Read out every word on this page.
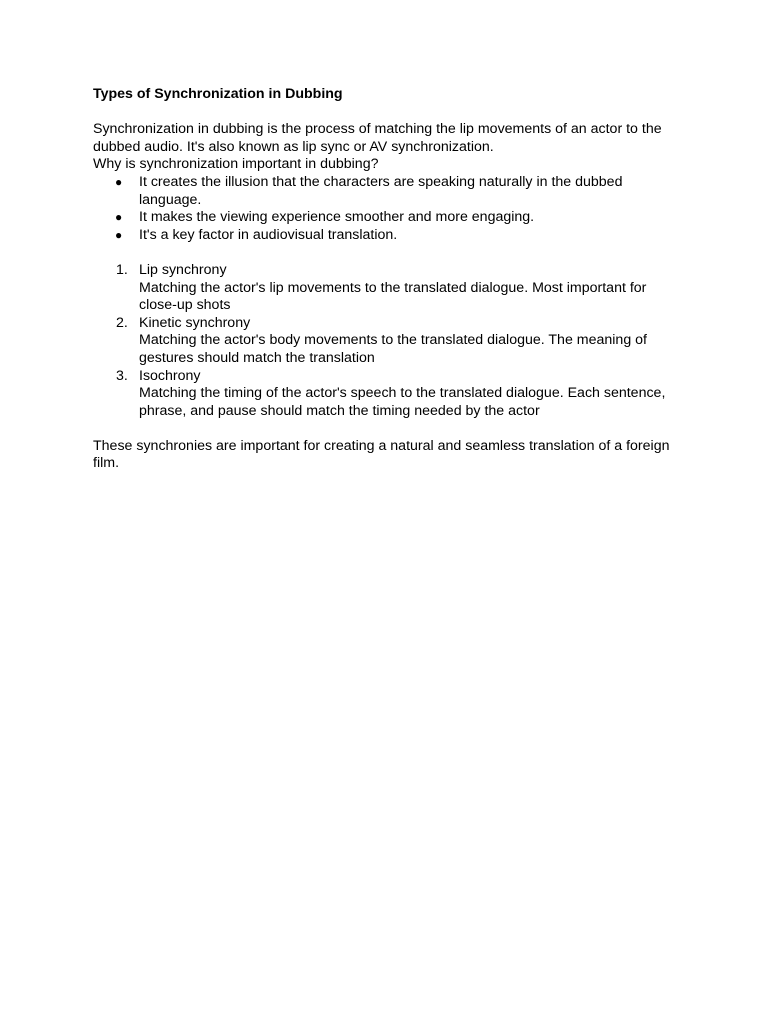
Types of Synchronization in Dubbing

Synchronization in dubbing is the process of matching the lip movements of an actor to the dubbed audio. It's also known as lip sync or AV synchronization.

Why is synchronization important in dubbing?

● It creates the illusion that the characters are speaking naturally in the dubbed language.
● It makes the viewing experience smoother and more engaging.
● It's a key factor in audiovisual translation.
1. Lip synchrony
Matching the actor's lip movements to the translated dialogue. Most important for close-up shots
2. Kinetic synchrony
Matching the actor's body movements to the translated dialogue. The meaning of gestures should match the translation
3. Isochrony
Matching the timing of the actor's speech to the translated dialogue. Each sentence, phrase, and pause should match the timing needed by the actor

These synchronies are important for creating a natural and seamless translation of a foreign film.
